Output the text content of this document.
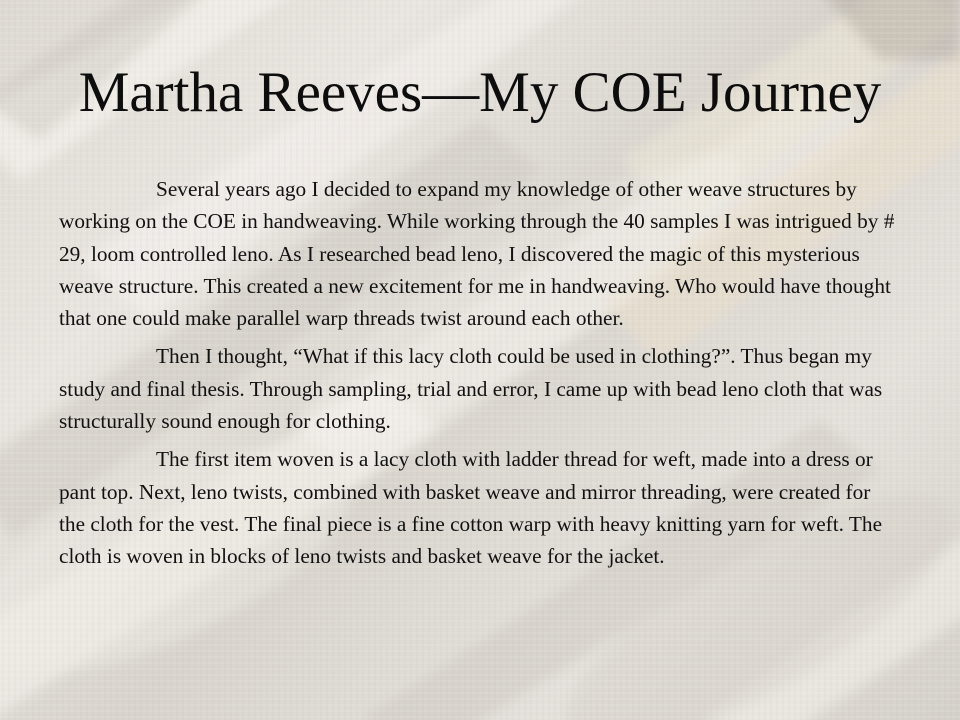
Martha Reeves—My COE Journey

Several years ago I decided to expand my knowledge of other weave structures by working on the COE in handweaving. While working through the 40 samples I was intrigued by # 29, loom controlled leno. As I researched bead leno, I discovered the magic of this mysterious weave structure. This created a new excitement for me in handweaving. Who would have thought that one could make parallel warp threads twist around each other.

Then I thought, “What if this lacy cloth could be used in clothing?”. Thus began my study and final thesis. Through sampling, trial and error, I came up with bead leno cloth that was structurally sound enough for clothing.

The first item woven is a lacy cloth with ladder thread for weft, made into a dress or pant top. Next, leno twists, combined with basket weave and mirror threading, were created for the cloth for the vest. The final piece is a fine cotton warp with heavy knitting yarn for weft. The cloth is woven in blocks of leno twists and basket weave for the jacket.
